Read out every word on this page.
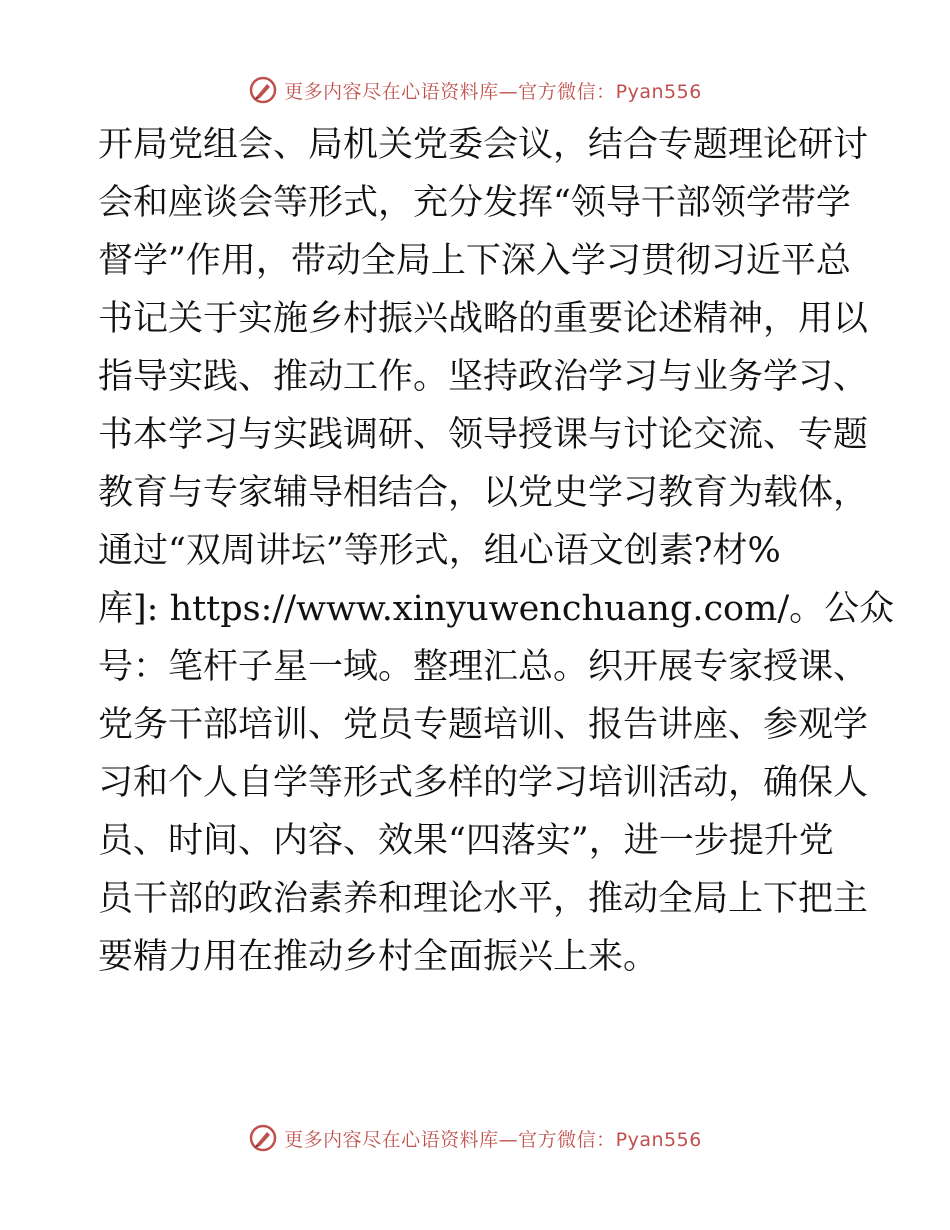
更多内容尽在心语资料库—官方微信：Pyan556
开局党组会、局机关党委会议，结合专题理论研讨
会和座谈会等形式，充分发挥“领导干部领学带学
督学”作用，带动全局上下深入学习贯彻习近平总
书记关于实施乡村振兴战略的重要论述精神，用以
指导实践、推动工作。坚持政治学习与业务学习、
书本学习与实践调研、领导授课与讨论交流、专题
教育与专家辅导相结合，以党史学习教育为载体，
通过“双周讲坛”等形式，组心语文创素?材%
库]: https://www.xinyuwenchuang.com/。公众
号：笔杆子星一域。整理汇总。织开展专家授课、
党务干部培训、党员专题培训、报告讲座、参观学
习和个人自学等形式多样的学习培训活动，确保人
员、时间、内容、效果“四落实”，进一步提升党
员干部的政治素养和理论水平，推动全局上下把主
要精力用在推动乡村全面振兴上来。
更多内容尽在心语资料库—官方微信：Pyan556
